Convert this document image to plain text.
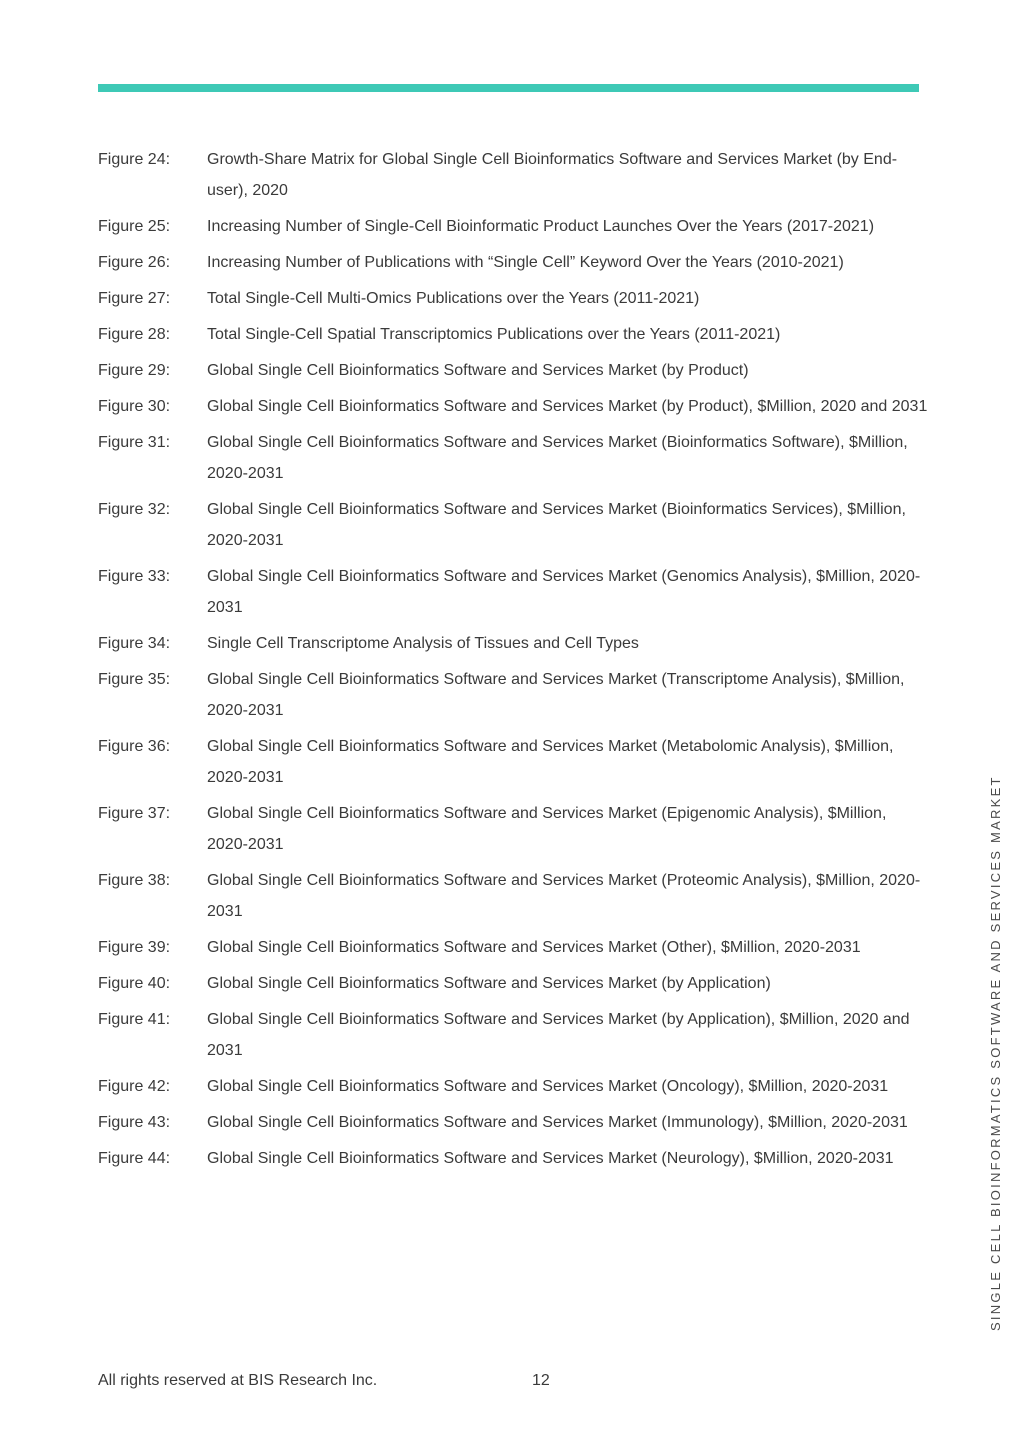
Figure 24:	Growth-Share Matrix for Global Single Cell Bioinformatics Software and Services Market (by End-user), 2020
Figure 25:	Increasing Number of Single-Cell Bioinformatic Product Launches Over the Years (2017-2021)
Figure 26:	Increasing Number of Publications with “Single Cell” Keyword Over the Years (2010-2021)
Figure 27:	Total Single-Cell Multi-Omics Publications over the Years (2011-2021)
Figure 28:	Total Single-Cell Spatial Transcriptomics Publications over the Years (2011-2021)
Figure 29:	Global Single Cell Bioinformatics Software and Services Market (by Product)
Figure 30:	Global Single Cell Bioinformatics Software and Services Market (by Product), $Million, 2020 and 2031
Figure 31:	Global Single Cell Bioinformatics Software and Services Market (Bioinformatics Software), $Million, 2020-2031
Figure 32:	Global Single Cell Bioinformatics Software and Services Market (Bioinformatics Services), $Million, 2020-2031
Figure 33:	Global Single Cell Bioinformatics Software and Services Market (Genomics Analysis), $Million, 2020-2031
Figure 34:	Single Cell Transcriptome Analysis of Tissues and Cell Types
Figure 35:	Global Single Cell Bioinformatics Software and Services Market (Transcriptome Analysis), $Million, 2020-2031
Figure 36:	Global Single Cell Bioinformatics Software and Services Market (Metabolomic Analysis), $Million, 2020-2031
Figure 37:	Global Single Cell Bioinformatics Software and Services Market (Epigenomic Analysis), $Million, 2020-2031
Figure 38:	Global Single Cell Bioinformatics Software and Services Market (Proteomic Analysis), $Million, 2020-2031
Figure 39:	Global Single Cell Bioinformatics Software and Services Market (Other), $Million, 2020-2031
Figure 40:	Global Single Cell Bioinformatics Software and Services Market (by Application)
Figure 41:	Global Single Cell Bioinformatics Software and Services Market (by Application), $Million, 2020 and 2031
Figure 42:	Global Single Cell Bioinformatics Software and Services Market (Oncology), $Million, 2020-2031
Figure 43:	Global Single Cell Bioinformatics Software and Services Market (Immunology), $Million, 2020-2031
Figure 44:	Global Single Cell Bioinformatics Software and Services Market (Neurology), $Million, 2020-2031	SINGLE CELL BIOINFORMATICS SOFTWARE AND SERVICES MARKET
All rights reserved at BIS Research Inc.	12
